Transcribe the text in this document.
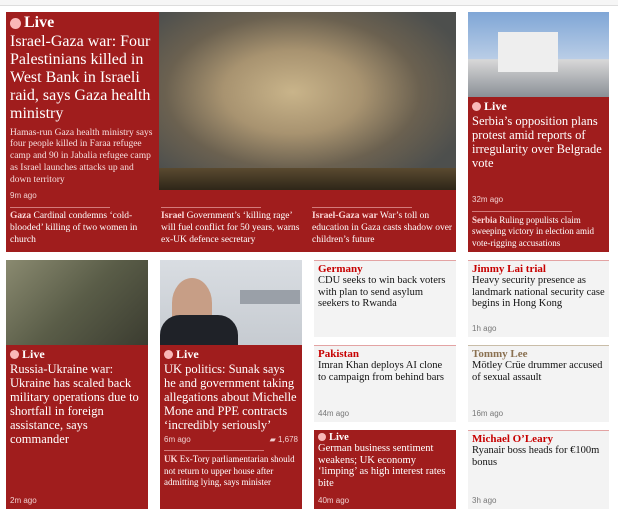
Live
Israel-Gaza war: Four Palestinians killed in West Bank in Israeli raid, says Gaza health ministry
Hamas-run Gaza health ministry says four people killed in Faraa refugee camp and 90 in Jabalia refugee camp as Israel launches attacks up and down territory
9m ago
Gaza Cardinal condemns ‘cold-blooded’ killing of two women in church
Israel Government’s ‘killing rage’ will fuel conflict for 50 years, warns ex-UK defence secretary
Israel-Gaza war War’s toll on education in Gaza casts shadow over children’s future
Live
Serbia’s opposition plans protest amid reports of irregularity over Belgrade vote
32m ago
Serbia Ruling populists claim sweeping victory in election amid vote-rigging accusations
Live
Russia-Ukraine war: Ukraine has scaled back military operations due to shortfall in foreign assistance, says commander
2m ago
Live
UK politics: Sunak says he and government taking allegations about Michelle Mone and PPE contracts ‘incredibly seriously’
6m ago	▰ 1,678
UK Ex-Tory parliamentarian should not return to upper house after admitting lying, says minister
Germany
CDU seeks to win back voters with plan to send asylum seekers to Rwanda
Pakistan
Imran Khan deploys AI clone to campaign from behind bars
44m ago
Live
German business sentiment weakens; UK economy ‘limping’ as high interest rates bite
40m ago
Jimmy Lai trial
Heavy security presence as landmark national security case begins in Hong Kong
1h ago
Tommy Lee
Mötley Crüe drummer accused of sexual assault
16m ago
Michael O’Leary
Ryanair boss heads for €100m bonus
3h ago
